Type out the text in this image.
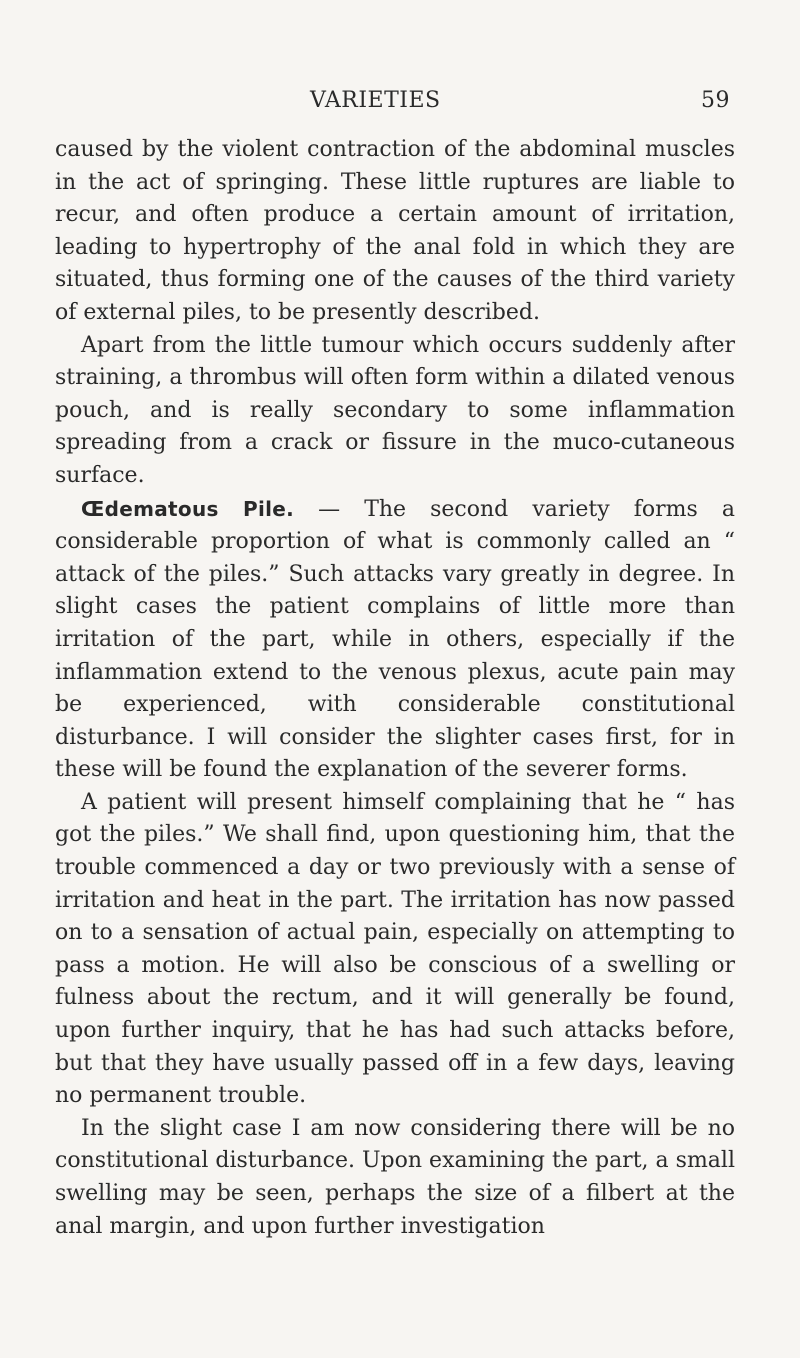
VARIETIES	59

caused by the violent contraction of the abdominal muscles in the act of springing. These little ruptures are liable to recur, and often produce a certain amount of irritation, leading to hypertrophy of the anal fold in which they are situated, thus forming one of the causes of the third variety of external piles, to be presently described.

Apart from the little tumour which occurs suddenly after straining, a thrombus will often form within a dilated venous pouch, and is really secondary to some inflammation spreading from a crack or fissure in the muco-cutaneous surface.

Œdematous Pile. — The second variety forms a considerable proportion of what is commonly called an “ attack of the piles.” Such attacks vary greatly in degree. In slight cases the patient complains of little more than irritation of the part, while in others, especially if the inflammation extend to the venous plexus, acute pain may be experienced, with considerable constitutional disturbance. I will consider the slighter cases first, for in these will be found the explanation of the severer forms.

A patient will present himself complaining that he “ has got the piles.” We shall find, upon questioning him, that the trouble commenced a day or two previously with a sense of irritation and heat in the part. The irritation has now passed on to a sensation of actual pain, especially on attempting to pass a motion. He will also be conscious of a swelling or fulness about the rectum, and it will generally be found, upon further inquiry, that he has had such attacks before, but that they have usually passed off in a few days, leaving no permanent trouble.

In the slight case I am now considering there will be no constitutional disturbance. Upon examining the part, a small swelling may be seen, perhaps the size of a filbert at the anal margin, and upon further investigation
